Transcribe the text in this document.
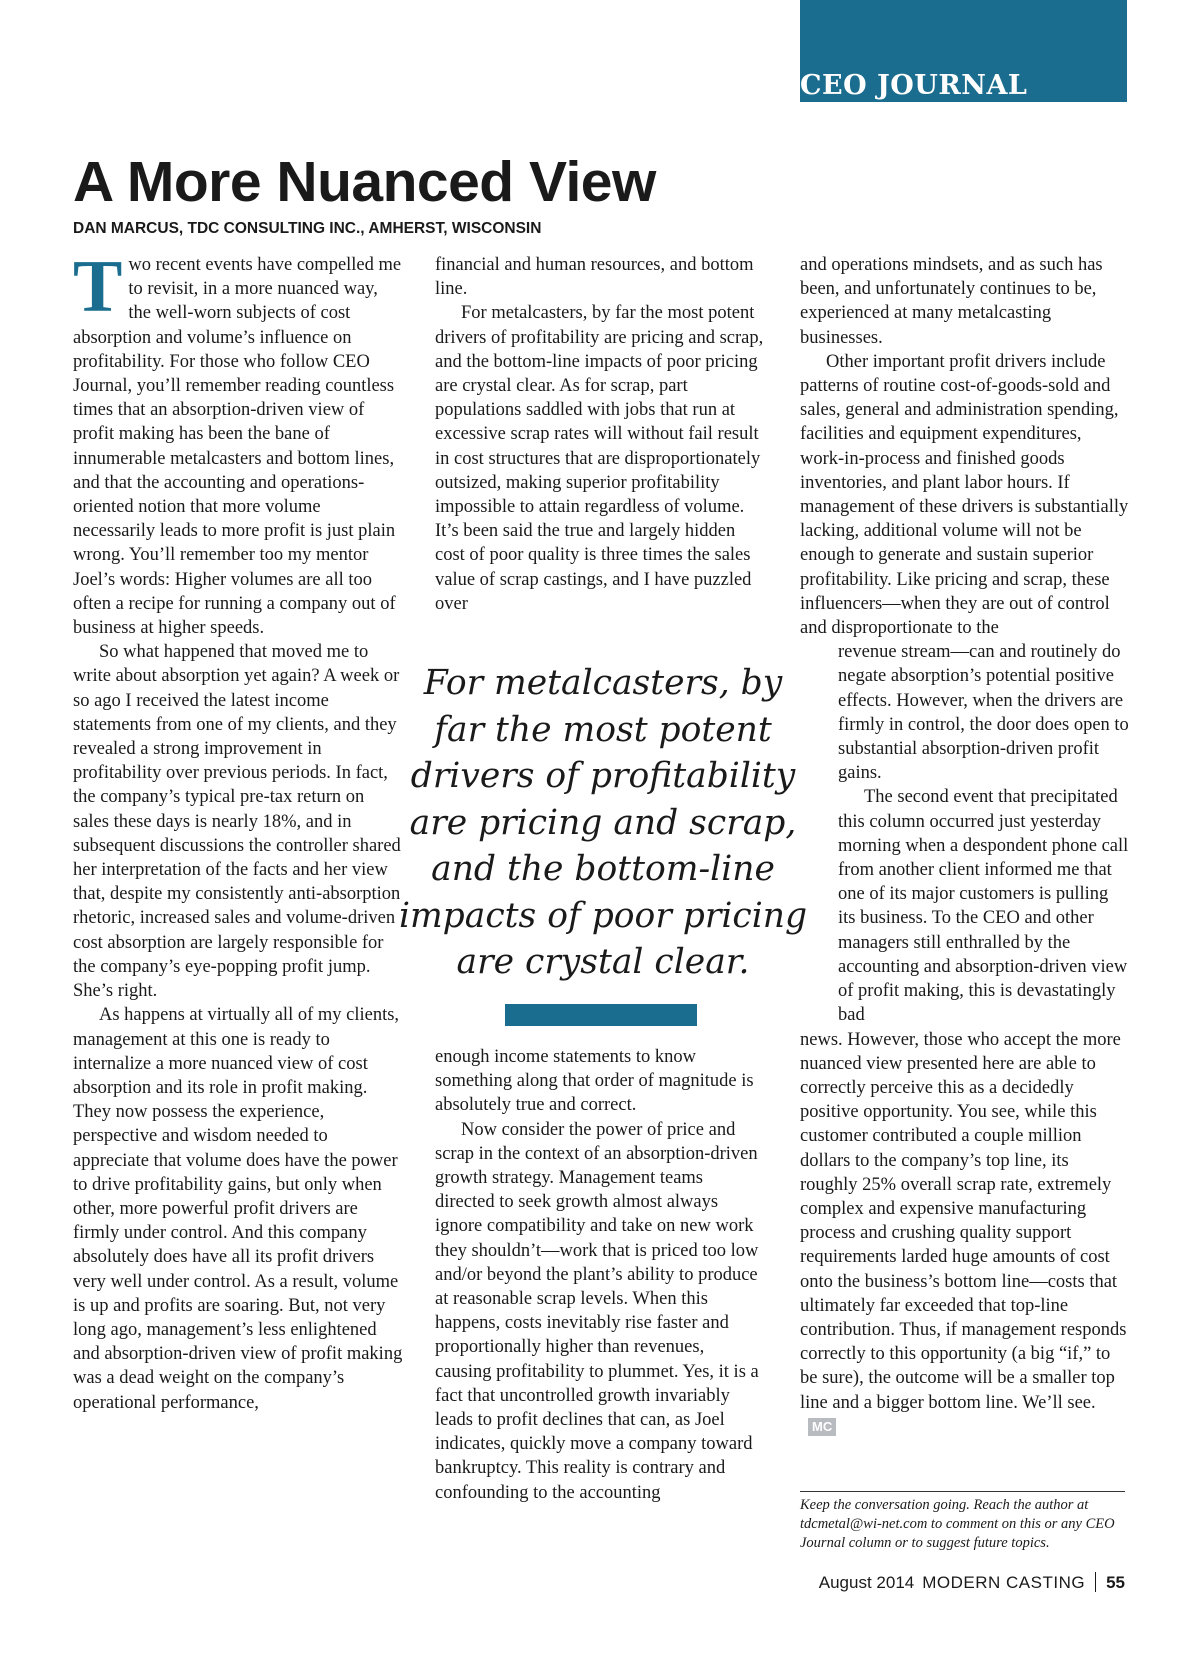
CEO JOURNAL
A More Nuanced View
DAN MARCUS, TDC CONSULTING INC., AMHERST, WISCONSIN

Two recent events have compelled me to revisit, in a more nuanced way, the well-worn subjects of cost absorption and volume’s influence on profitability. For those who follow CEO Journal, you’ll remember reading countless times that an absorption-driven view of profit making has been the bane of innumerable metalcasters and bottom lines, and that the accounting and operations-oriented notion that more volume necessarily leads to more profit is just plain wrong. You’ll remember too my mentor Joel’s words: Higher volumes are all too often a recipe for running a company out of business at higher speeds.

So what happened that moved me to write about absorption yet again? A week or so ago I received the latest income statements from one of my clients, and they revealed a strong improvement in profitability over previous periods. In fact, the company’s typical pre-tax return on sales these days is nearly 18%, and in subsequent discussions the controller shared her interpretation of the facts and her view that, despite my consistently anti-absorption rhetoric, increased sales and volume-driven cost absorption are largely responsible for the company’s eye-popping profit jump. She’s right.

As happens at virtually all of my clients, management at this one is ready to internalize a more nuanced view of cost absorption and its role in profit making. They now possess the experience, perspective and wisdom needed to appreciate that volume does have the power to drive profitability gains, but only when other, more powerful profit drivers are firmly under control. And this company absolutely does have all its profit drivers very well under control. As a result, volume is up and profits are soaring. But, not very long ago, management’s less enlightened and absorption-driven view of profit making was a dead weight on the company’s operational performance,

financial and human resources, and bottom line.

For metalcasters, by far the most potent drivers of profitability are pricing and scrap, and the bottom-line impacts of poor pricing are crystal clear. As for scrap, part populations saddled with jobs that run at excessive scrap rates will without fail result in cost structures that are disproportionately outsized, making superior profitability impossible to attain regardless of volume. It’s been said the true and largely hidden cost of poor quality is three times the sales value of scrap castings, and I have puzzled over

For metalcasters, by far the most potent drivers of profitability are pricing and scrap, and the bottom-line impacts of poor pricing are crystal clear.

enough income statements to know something along that order of magnitude is absolutely true and correct.

Now consider the power of price and scrap in the context of an absorption-driven growth strategy. Management teams directed to seek growth almost always ignore compatibility and take on new work they shouldn’t—work that is priced too low and/or beyond the plant’s ability to produce at reasonable scrap levels. When this happens, costs inevitably rise faster and proportionally higher than revenues, causing profitability to plummet. Yes, it is a fact that uncontrolled growth invariably leads to profit declines that can, as Joel indicates, quickly move a company toward bankruptcy. This reality is contrary and confounding to the accounting

and operations mindsets, and as such has been, and unfortunately continues to be, experienced at many metalcasting businesses.

Other important profit drivers include patterns of routine cost-of-goods-sold and sales, general and administration spending, facilities and equipment expenditures, work-in-process and finished goods inventories, and plant labor hours. If management of these drivers is substantially lacking, additional volume will not be enough to generate and sustain superior profitability. Like pricing and scrap, these influencers—when they are out of control and disproportionate to the

revenue stream—can and routinely do negate absorption’s potential positive effects. However, when the drivers are firmly in control, the door does open to substantial absorption-driven profit gains.

The second event that precipitated this column occurred just yesterday morning when a despondent phone call from another client informed me that one of its major customers is pulling its business. To the CEO and other managers still enthralled by the accounting and absorption-driven view of profit making, this is devastatingly bad

news. However, those who accept the more nuanced view presented here are able to correctly perceive this as a decidedly positive opportunity. You see, while this customer contributed a couple million dollars to the company’s top line, its roughly 25% overall scrap rate, extremely complex and expensive manufacturing process and crushing quality support requirements larded huge amounts of cost onto the business’s bottom line—costs that ultimately far exceeded that top-line contribution. Thus, if management responds correctly to this opportunity (a big “if,” to be sure), the outcome will be a smaller top line and a bigger bottom line. We’ll see.MC

Keep the conversation going. Reach the author at tdcmetal@wi-net.com to comment on this or any CEO Journal column or to suggest future topics.
August 2014 MODERN CASTING 55
